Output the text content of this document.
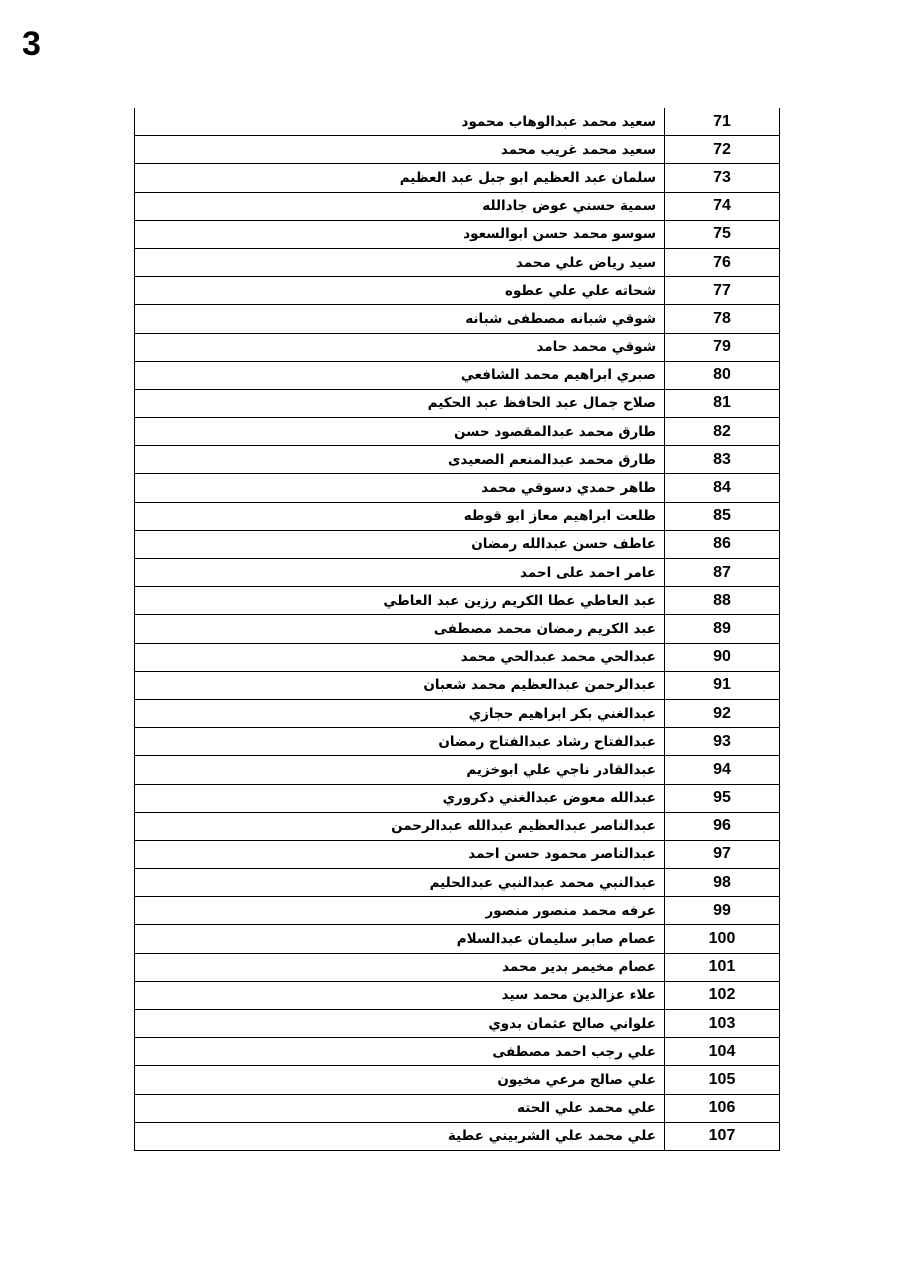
3
سعيد محمد عبدالوهاب محمود	71
سعيد محمد غريب محمد	72
سلمان عبد العظيم ابو جبل عبد العظيم	73
سمية حسني عوض جادالله	74
سوسو محمد حسن ابوالسعود	75
سيد رياض علي محمد	76
شحاته علي علي عطوه	77
شوقي شبانه مصطفى شبانه	78
شوقي محمد حامد	79
صبري ابراهيم محمد الشافعي	80
صلاح جمال عبد الحافظ عبد الحكيم	81
طارق محمد عبدالمقصود حسن	82
طارق محمد عبدالمنعم الصعيدى	83
طاهر حمدي دسوقي محمد	84
طلعت ابراهيم معاز ابو قوطه	85
عاطف حسن عبدالله رمضان	86
عامر احمد على احمد	87
عبد العاطي عطا الكريم رزين عبد العاطي	88
عبد الكريم رمضان محمد مصطفى	89
عبدالحي محمد عبدالحي محمد	90
عبدالرحمن عبدالعظيم محمد شعبان	91
عبدالغني بكر ابراهيم حجازي	92
عبدالفتاح رشاد عبدالفتاح رمضان	93
عبدالقادر ناجي علي ابوخزيم	94
عبدالله معوض عبدالغني دكروري	95
عبدالناصر عبدالعظيم عبدالله عبدالرحمن	96
عبدالناصر محمود حسن احمد	97
عبدالنبي محمد عبدالنبي عبدالحليم	98
عرفه محمد منصور منصور	99
عصام صابر سليمان عبدالسلام	100
عصام مخيمر بدير محمد	101
علاء عزالدين محمد سيد	102
علواني صالح عثمان بدوي	103
علي رجب احمد مصطفى	104
علي صالح مرعي مخيون	105
علي محمد علي الحته	106
علي محمد علي الشربيني عطية	107
